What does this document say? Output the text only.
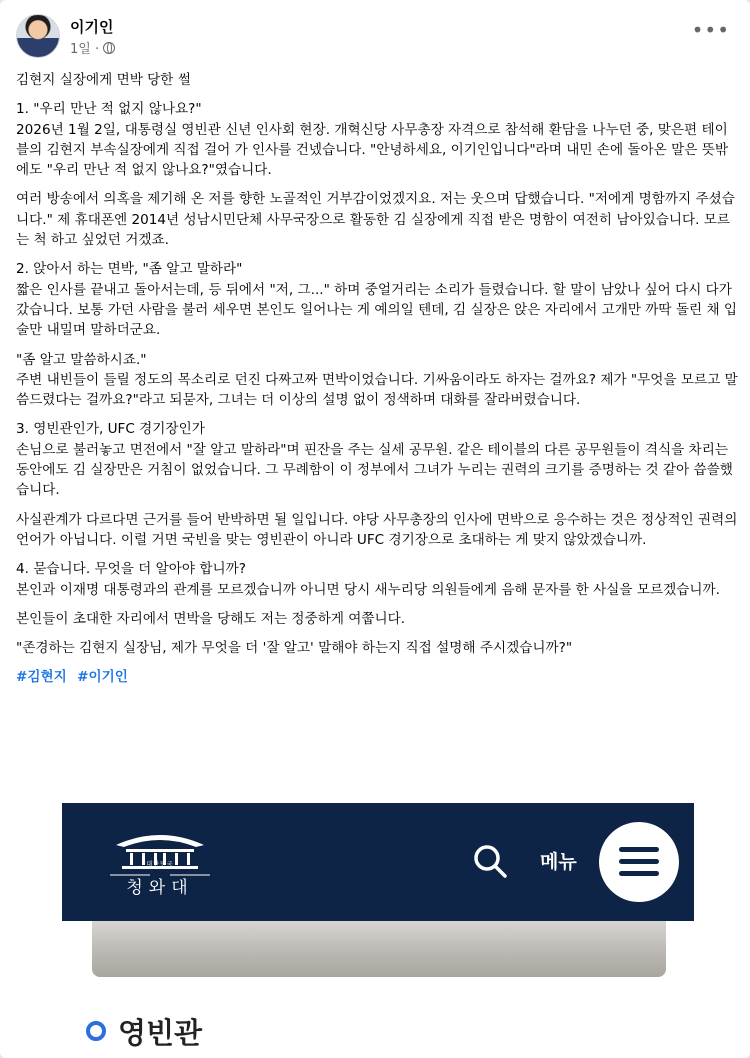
이기인
1일 ·
•••

김현지 실장에게 면박 당한 썰

1. "우리 만난 적 없지 않나요?"
2026년 1월 2일, 대통령실 영빈관 신년 인사회 현장. 개혁신당 사무총장 자격으로 참석해 환담을 나누던 중, 맞은편 테이블의 김현지 부속실장에게 직접 걸어 가 인사를 건넸습니다. "안녕하세요, 이기인입니다"라며 내민 손에 돌아온 말은 뜻밖에도 "우리 만난 적 없지 않나요?"였습니다.

여러 방송에서 의혹을 제기해 온 저를 향한 노골적인 거부감이었겠지요. 저는 웃으며 답했습니다. "저에게 명함까지 주셨습니다." 제 휴대폰엔 2014년 성남시민단체 사무국장으로 활동한 김 실장에게 직접 받은 명함이 여전히 남아있습니다. 모르는 척 하고 싶었던 거겠죠.

2. 앉아서 하는 면박, "좀 알고 말하라"
짧은 인사를 끝내고 돌아서는데, 등 뒤에서 "저, 그..." 하며 중얼거리는 소리가 들렸습니다. 할 말이 남았나 싶어 다시 다가갔습니다. 보통 가던 사람을 불러 세우면 본인도 일어나는 게 예의일 텐데, 김 실장은 앉은 자리에서 고개만 까딱 돌린 채 입술만 내밀며 말하더군요.

"좀 알고 말씀하시죠."
주변 내빈들이 들릴 정도의 목소리로 던진 다짜고짜 면박이었습니다. 기싸움이라도 하자는 걸까요? 제가 "무엇을 모르고 말씀드렸다는 걸까요?"라고 되묻자, 그녀는 더 이상의 설명 없이 정색하며 대화를 잘라버렸습니다.

3. 영빈관인가, UFC 경기장인가
손님으로 불러놓고 면전에서 "잘 알고 말하라"며 핀잔을 주는 실세 공무원. 같은 테이블의 다른 공무원들이 격식을 차리는 동안에도 김 실장만은 거침이 없었습니다. 그 무례함이 이 정부에서 그녀가 누리는 권력의 크기를 증명하는 것 같아 씁쓸했습니다.

사실관계가 다르다면 근거를 들어 반박하면 될 일입니다. 야당 사무총장의 인사에 면박으로 응수하는 것은 정상적인 권력의 언어가 아닙니다. 이럴 거면 국빈을 맞는 영빈관이 아니라 UFC 경기장으로 초대하는 게 맞지 않았겠습니까.

4. 묻습니다. 무엇을 더 알아야 합니까?
본인과 이재명 대통령과의 관계를 모르겠습니까 아니면 당시 새누리당 의원들에게 음해 문자를 한 사실을 모르겠습니까.

본인들이 초대한 자리에서 면박을 당해도 저는 정중하게 여쭙니다.

"존경하는 김현지 실장님, 제가 무엇을 더 '잘 알고' 말해야 하는지 직접 설명해 주시겠습니까?"

#김현지 #이기인
대한민국
청와대
메뉴
영빈관
